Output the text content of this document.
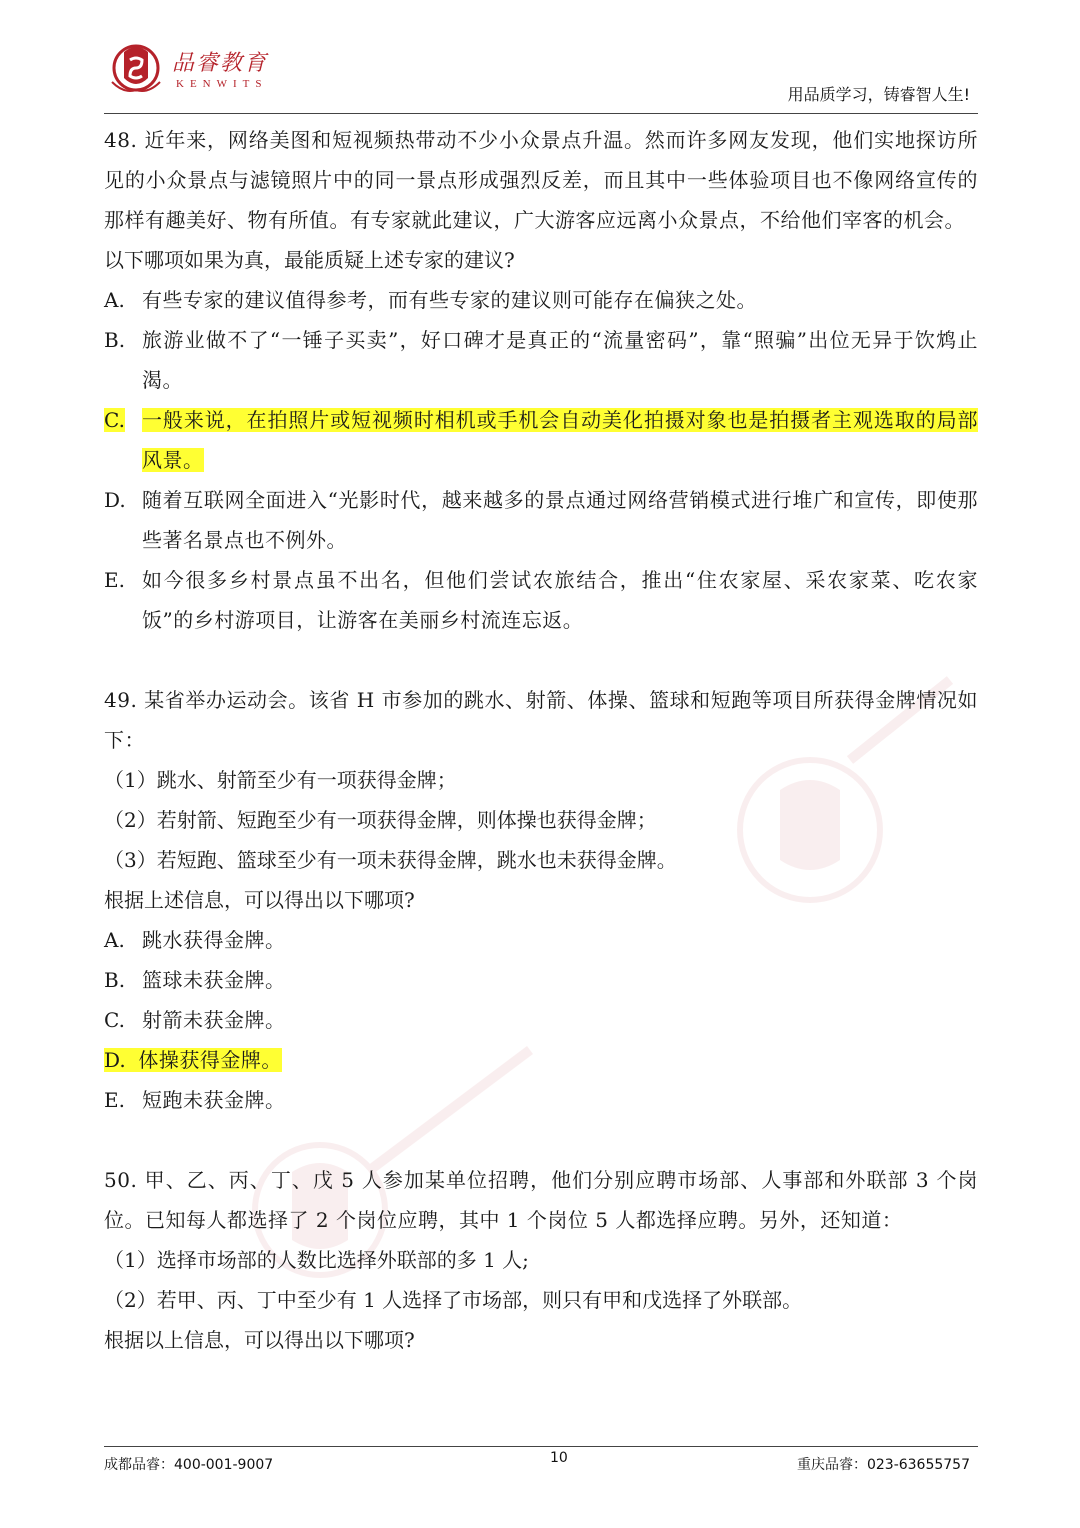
品睿教育
KENWITS
用品质学习，铸睿智人生!
48. 近年来，网络美图和短视频热带动不少小众景点升温。然而许多网友发现，他们实地探访所见的小众景点与滤镜照片中的同一景点形成强烈反差，而且其中一些体验项目也不像网络宣传的那样有趣美好、物有所值。有专家就此建议，广大游客应远离小众景点，不给他们宰客的机会。
以下哪项如果为真，最能质疑上述专家的建议?
A. 有些专家的建议值得参考，而有些专家的建议则可能存在偏狭之处。
B. 旅游业做不了“一锤子买卖”，好口碑才是真正的“流量密码”，靠“照骗”出位无异于饮鸩止渴。
C. 一般来说，在拍照片或短视频时相机或手机会自动美化拍摄对象也是拍摄者主观选取的局部风景。
D. 随着互联网全面进入“光影时代，越来越多的景点通过网络营销模式进行堆广和宣传，即使那些著名景点也不例外。
E. 如今很多乡村景点虽不出名，但他们尝试农旅结合，推出“住农家屋、采农家菜、吃农家饭”的乡村游项目，让游客在美丽乡村流连忘返。
49. 某省举办运动会。该省 H 市参加的跳水、射箭、体操、篮球和短跑等项目所获得金牌情况如下：
（1）跳水、射箭至少有一项获得金牌；
（2）若射箭、短跑至少有一项获得金牌，则体操也获得金牌；
（3）若短跑、篮球至少有一项未获得金牌，跳水也未获得金牌。
根据上述信息，可以得出以下哪项?
A. 跳水获得金牌。
B. 篮球未获金牌。
C. 射箭未获金牌。
D. 体操获得金牌。
E. 短跑未获金牌。
50. 甲、乙、丙、丁、戊 5 人参加某单位招聘，他们分别应聘市场部、人事部和外联部 3 个岗位。已知每人都选择了 2 个岗位应聘，其中 1 个岗位 5 人都选择应聘。另外，还知道：
（1）选择市场部的人数比选择外联部的多 1 人;
（2）若甲、丙、丁中至少有 1 人选择了市场部，则只有甲和戊选择了外联部。
根据以上信息，可以得出以下哪项?
成都品睿：400-001-9007	10	重庆品睿：023-63655757
